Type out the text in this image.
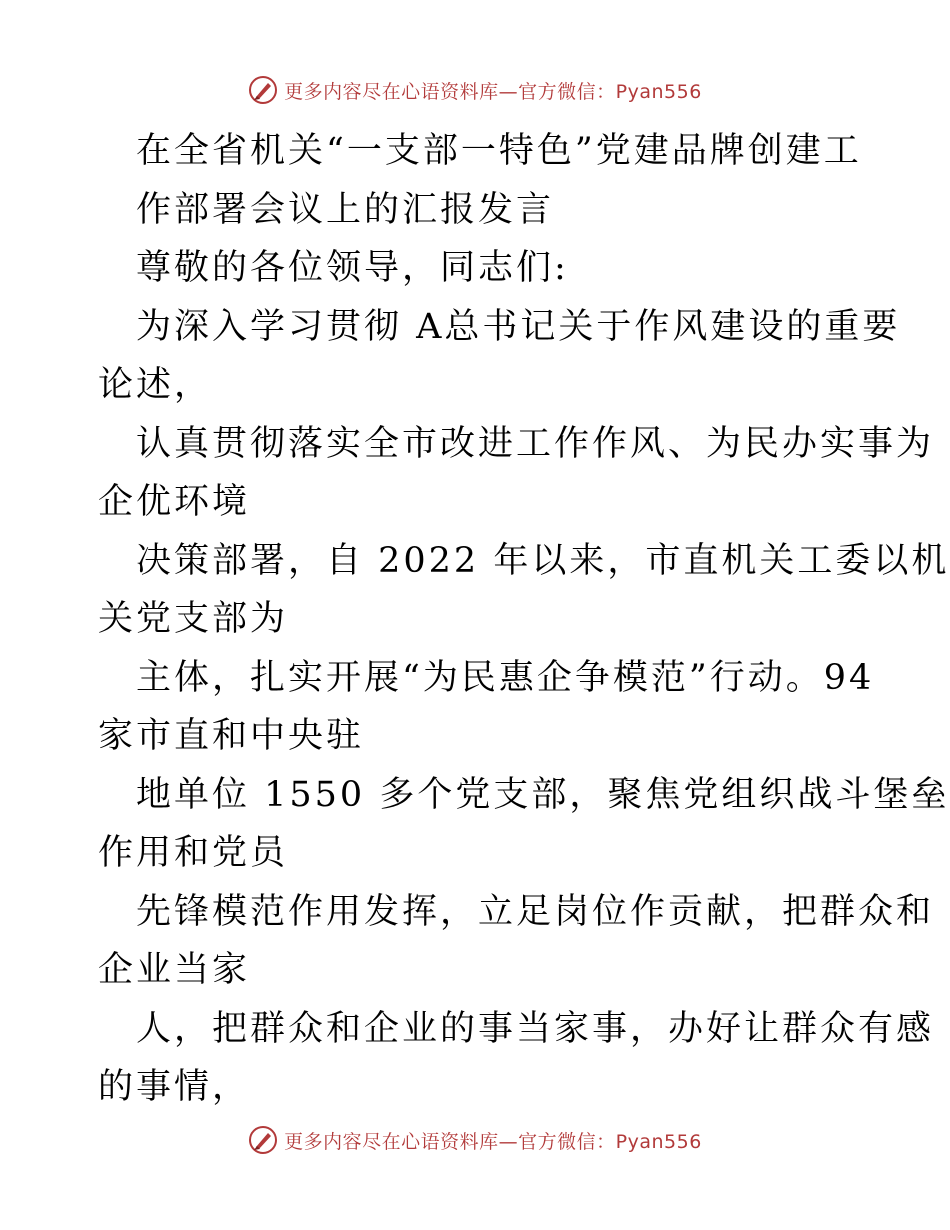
更多内容尽在心语资料库—官方微信：Pyan556
在全省机关“一支部一特色”党建品牌创建工
作部署会议上的汇报发言
尊敬的各位领导，同志们:
为深入学习贯彻 A总书记关于作风建设的重要
论述，
认真贯彻落实全市改进工作作风、为民办实事为
企优环境
决策部署，自 2022 年以来，市直机关工委以机
关党支部为
主体，扎实开展“为民惠企争模范”行动。94
家市直和中央驻
地单位 1550 多个党支部，聚焦党组织战斗堡垒
作用和党员
先锋模范作用发挥，立足岗位作贡献，把群众和
企业当家
人，把群众和企业的事当家事，办好让群众有感
的事情，
更多内容尽在心语资料库—官方微信：Pyan556
